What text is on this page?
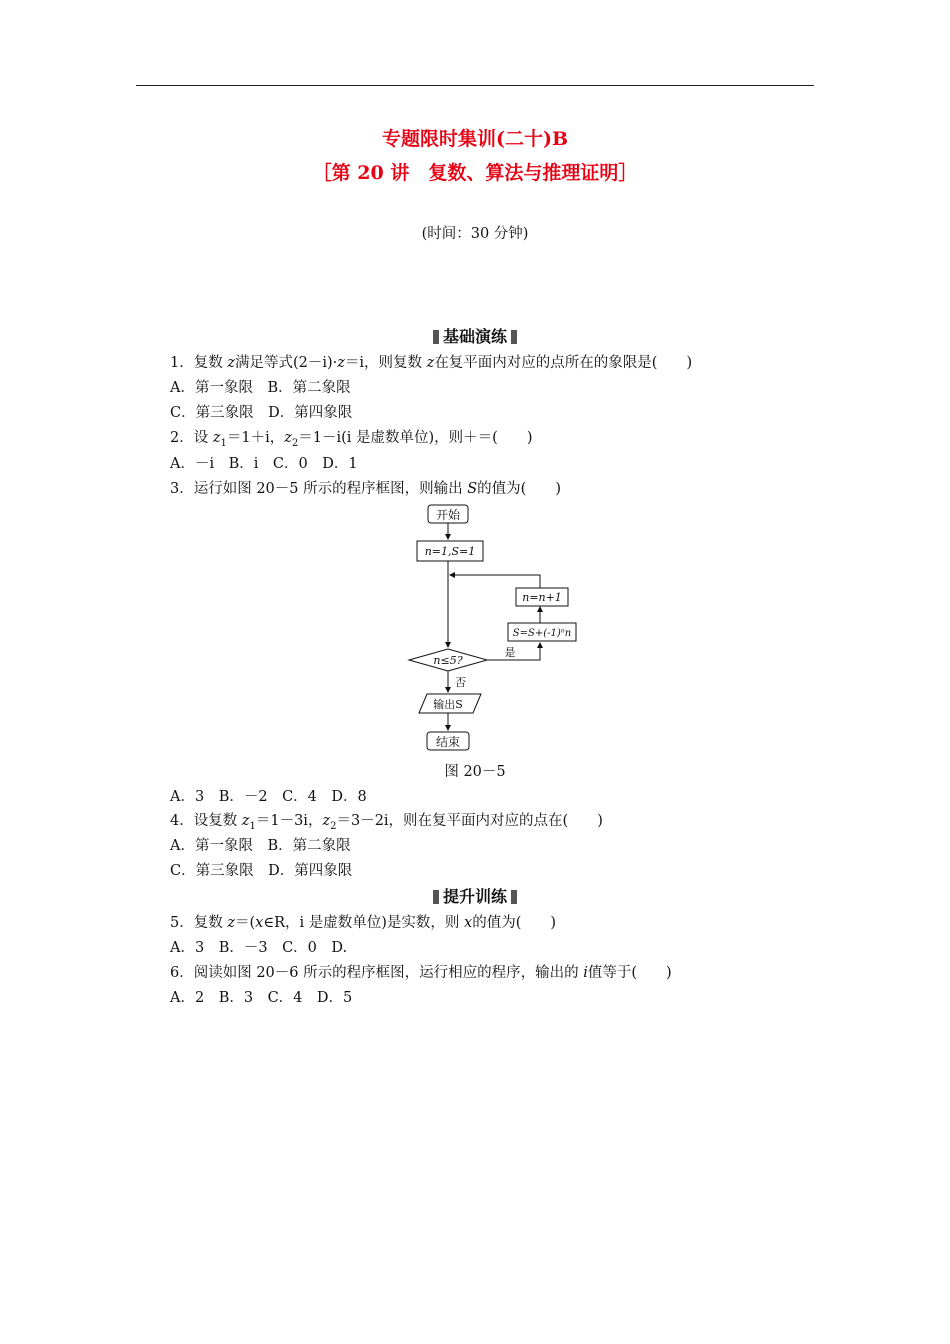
专题限时集训(二十)B
［第 20 讲　复数、算法与推理证明］
(时间：30 分钟)
基础演练
1．复数 z满足等式(2－i)·z＝i，则复数 z在复平面内对应的点所在的象限是(　　)
A．第一象限　B．第二象限
C．第三象限　D．第四象限
2．设 $z_1=1+i$，$z_2=1-i(i$ 是虚数单位)，则＋＝(　　)
A．－i　B．i　C．0　D．1
3．运行如图 20－5 所示的程序框图，则输出 S的值为(　　)
开始
n=1,S=1
n≤5?
S=S+(-1)ⁿn
n=n+1
是
否
输出S
结束
图 20－5
A．3　B．－2　C．4　D．8
4．设复数 $z_1=1-3i$，$z_2=3-2i$，则在复平面内对应的点在(　　)
A．第一象限　B．第二象限
C．第三象限　D．第四象限
提升训练
5．复数 z＝(x∈R，i 是虚数单位)是实数，则 x的值为(　　)
A．3　B．－3　C．0　D.
6．阅读如图 20－6 所示的程序框图，运行相应的程序，输出的 i值等于(　　)
A．2　B．3　C．4　D．5
